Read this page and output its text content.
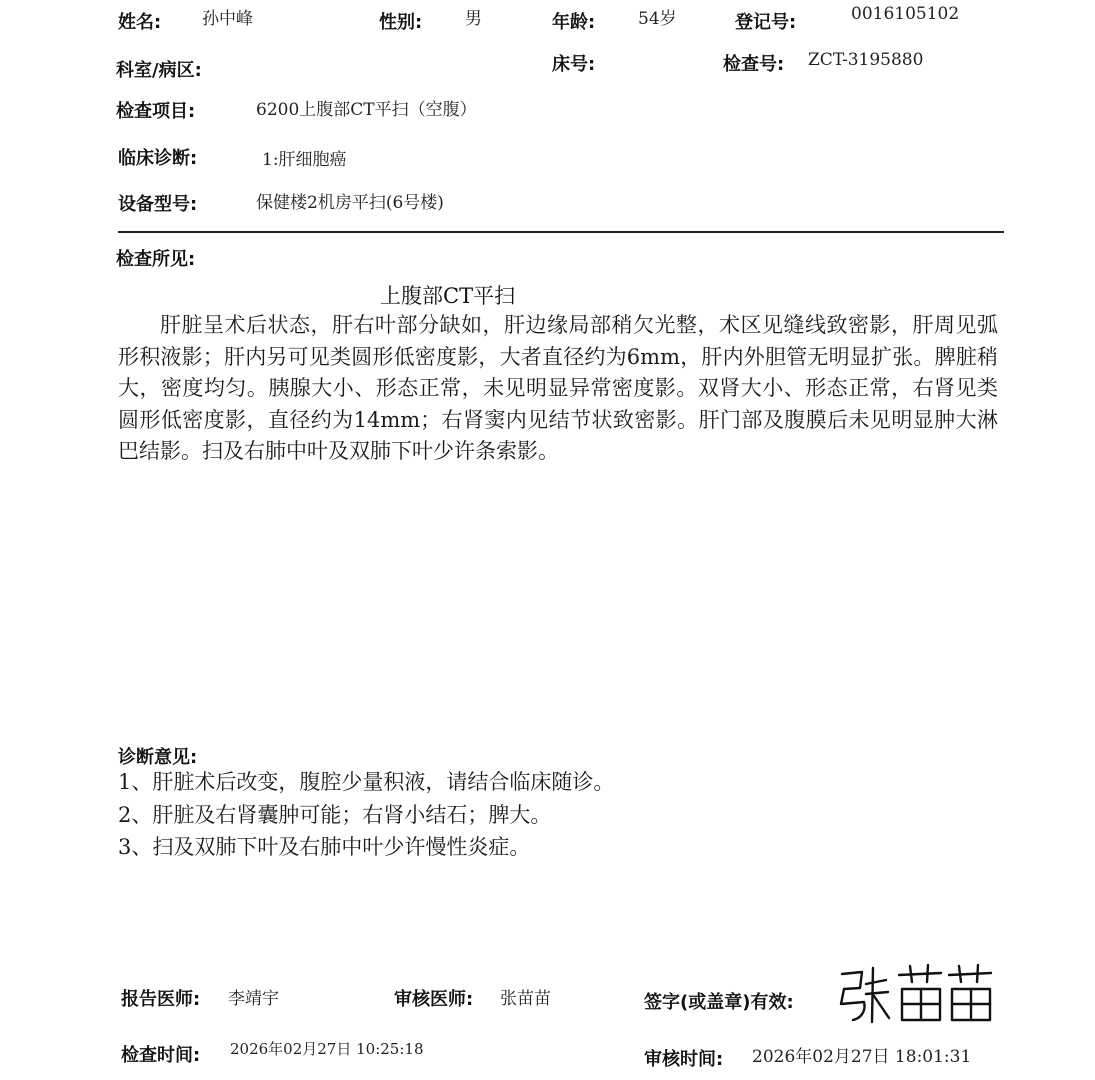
姓名: 孙中峰	性别:	男	年龄:	54岁	登记号:	0016105102
科室/病区:	床号:	检查号: ZCT-3195880
检查项目:	6200上腹部CT平扫（空腹）
临床诊断:	1:肝细胞癌
设备型号:	保健楼2机房平扫(6号楼)
检查所见:
上腹部CT平扫
肝脏呈术后状态，肝右叶部分缺如，肝边缘局部稍欠光整，术区见缝线致密影，肝周见弧形积液影；肝内另可见类圆形低密度影，大者直径约为6mm，肝内外胆管无明显扩张。脾脏稍大，密度均匀。胰腺大小、形态正常，未见明显异常密度影。双肾大小、形态正常，右肾见类圆形低密度影，直径约为14mm；右肾窦内见结节状致密影。肝门部及腹膜后未见明显肿大淋巴结影。扫及右肺中叶及双肺下叶少许条索影。
诊断意见:
1、肝脏术后改变，腹腔少量积液，请结合临床随诊。
2、肝脏及右肾囊肿可能；右肾小结石；脾大。
3、扫及双肺下叶及右肺中叶少许慢性炎症。
报告医师: 李靖宇	审核医师: 张苗苗	签字(或盖章)有效:
检查时间: 2026年02月27日 10:25:18	审核时间: 2026年02月27日 18:01:31
